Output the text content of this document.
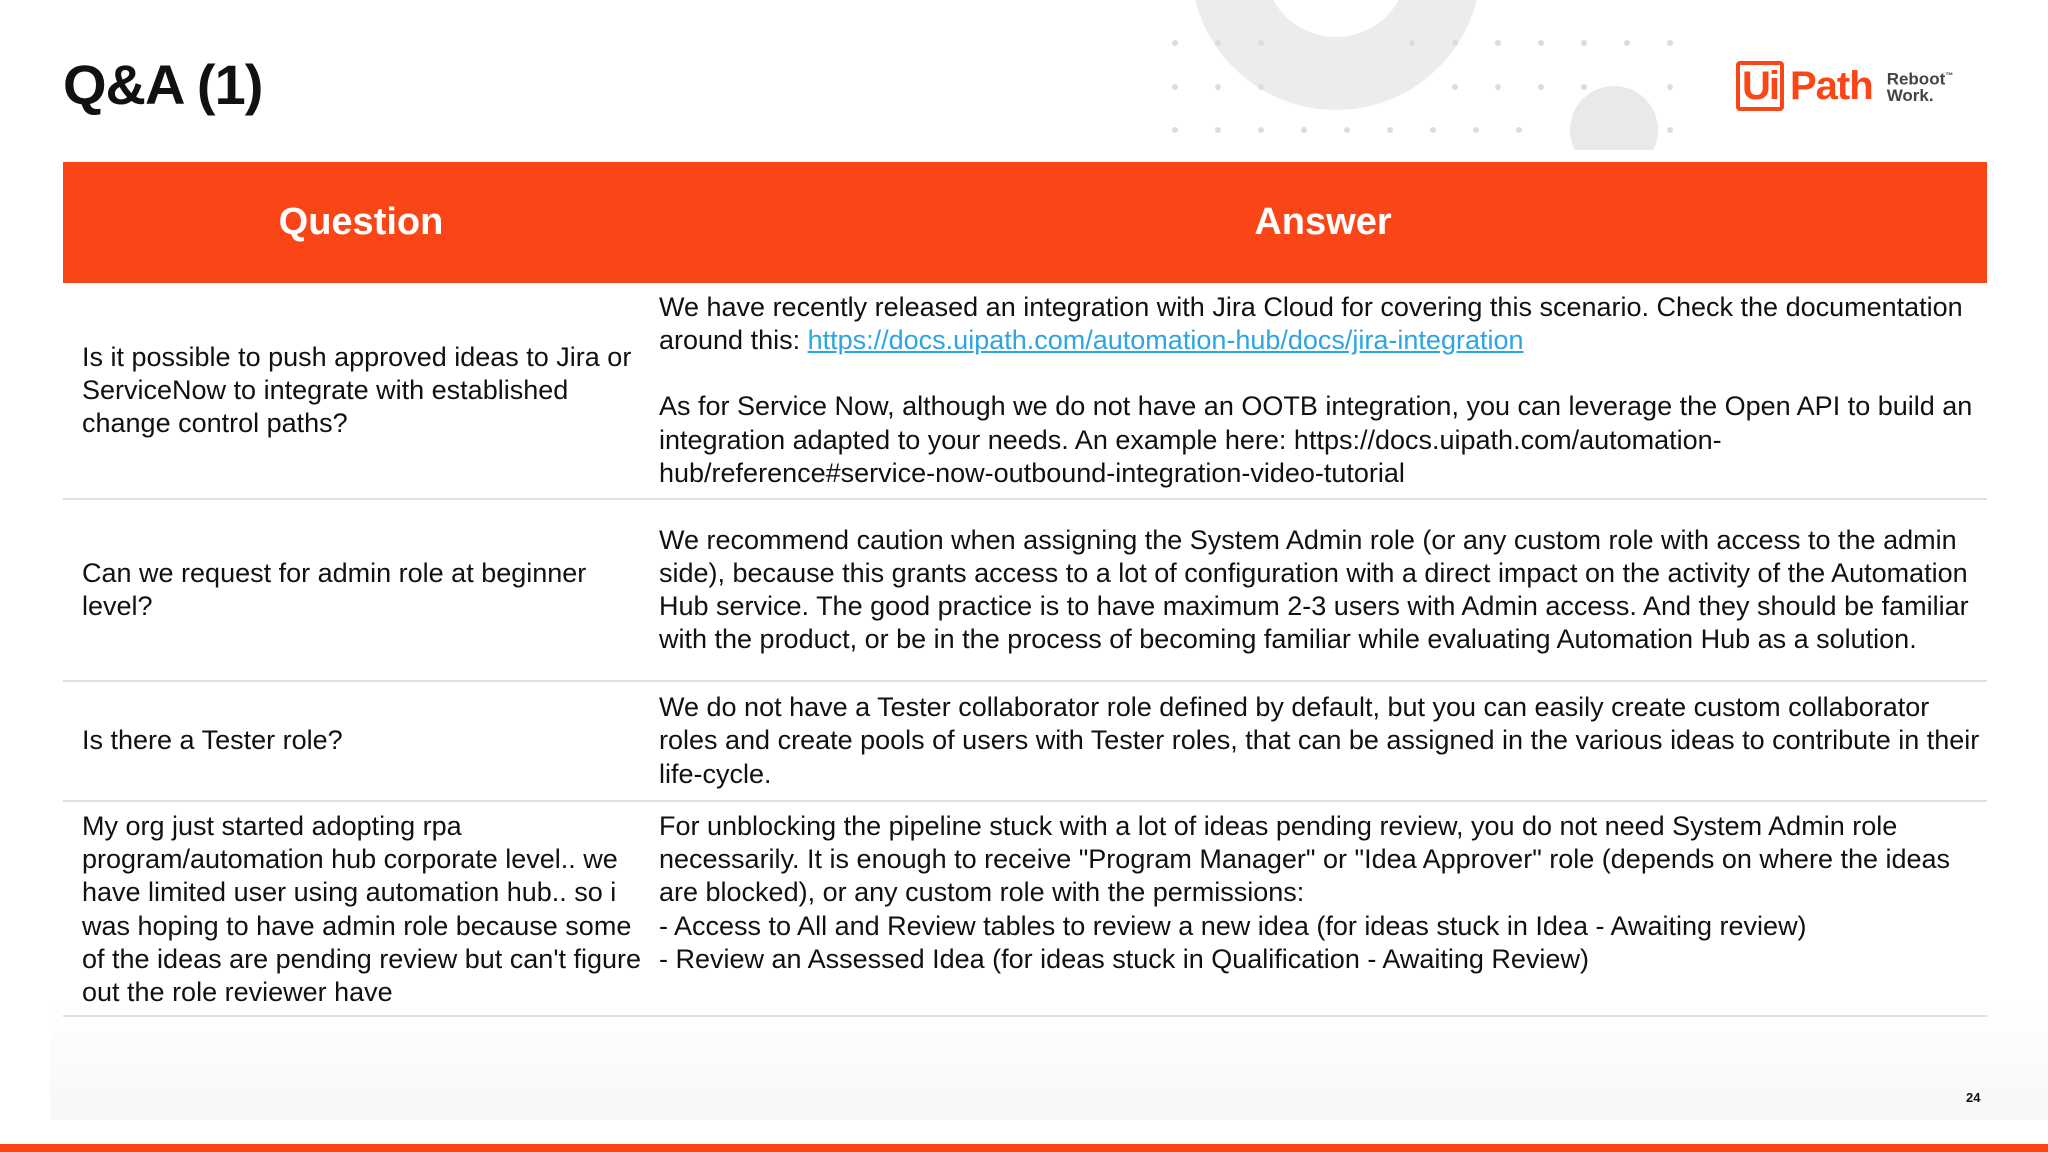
Q&A (1)	Ui Path Reboot™
Work.
Question	Answer
Is it possible to push approved ideas to Jira or ServiceNow to integrate with established change control paths?
We have recently released an integration with Jira Cloud for covering this scenario. Check the documentation around this: https://docs.uipath.com/automation-hub/docs/jira-integration
As for Service Now, although we do not have an OOTB integration, you can leverage the Open API to build an integration adapted to your needs. An example here: https://docs.uipath.com/automation-hub/reference#service-now-outbound-integration-video-tutorial
Can we request for admin role at beginner level?
We recommend caution when assigning the System Admin role (or any custom role with access to the admin side), because this grants access to a lot of configuration with a direct impact on the activity of the Automation Hub service. The good practice is to have maximum 2-3 users with Admin access. And they should be familiar with the product, or be in the process of becoming familiar while evaluating Automation Hub as a solution.
Is there a Tester role?
We do not have a Tester collaborator role defined by default, but you can easily create custom collaborator roles and create pools of users with Tester roles, that can be assigned in the various ideas to contribute in their life-cycle.
My org just started adopting rpa program/automation hub corporate level.. we have limited user using automation hub.. so i was hoping to have admin role because some of the ideas are pending review but can't figure out the role reviewer have
For unblocking the pipeline stuck with a lot of ideas pending review, you do not need System Admin role necessarily. It is enough to receive "Program Manager" or "Idea Approver" role (depends on where the ideas are blocked), or any custom role with the permissions:
- Access to All and Review tables to review a new idea (for ideas stuck in Idea - Awaiting review)
- Review an Assessed Idea (for ideas stuck in Qualification - Awaiting Review)
24
